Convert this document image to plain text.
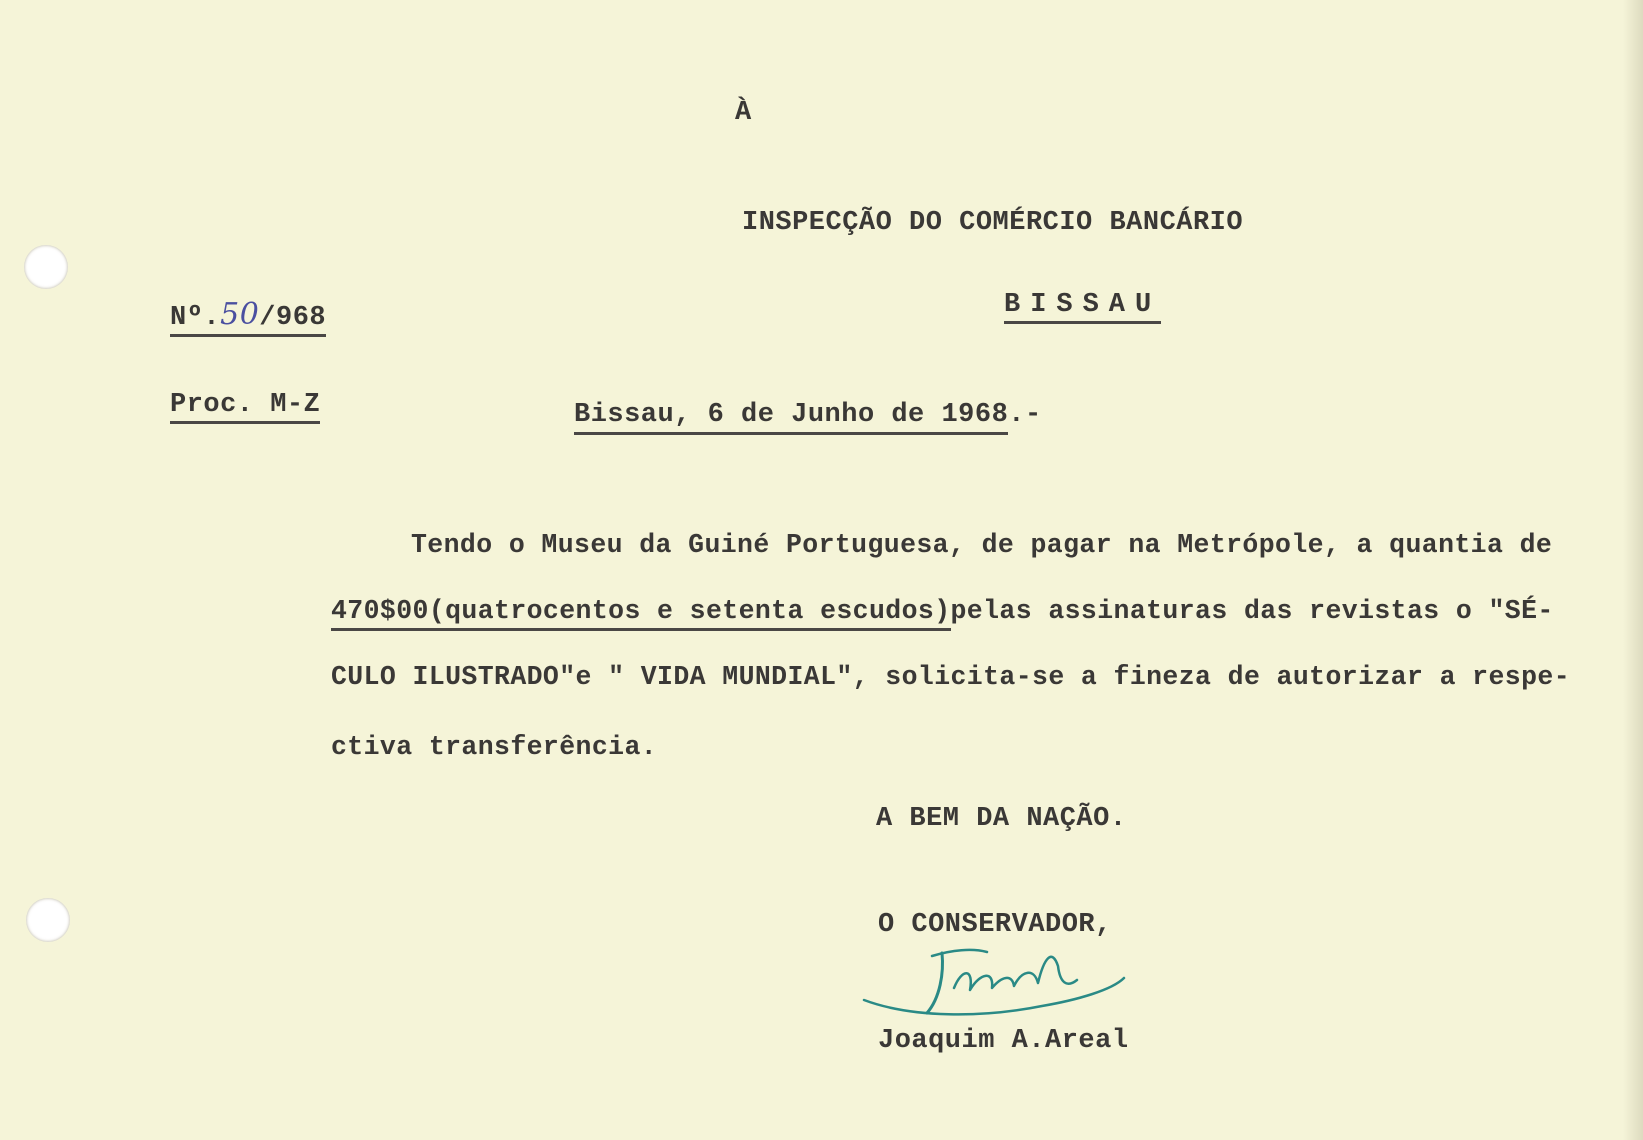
À
INSPECÇÃO DO COMÉRCIO BANCÁRIO
BISSAU
Nº.50/968
Proc. M-Z	Bissau, 6 de Junho de 1968.-
Tendo o Museu da Guiné Portuguesa, de pagar na Metrópole, a quantia de
470$00(quatrocentos e setenta escudos)pelas assinaturas das revistas o "SÉ-
CULO ILUSTRADO"e " VIDA MUNDIAL", solicita-se a fineza de autorizar a respe-
ctiva transferência.
A BEM DA NAÇÃO.
O CONSERVADOR,
Joaquim A.Areal
